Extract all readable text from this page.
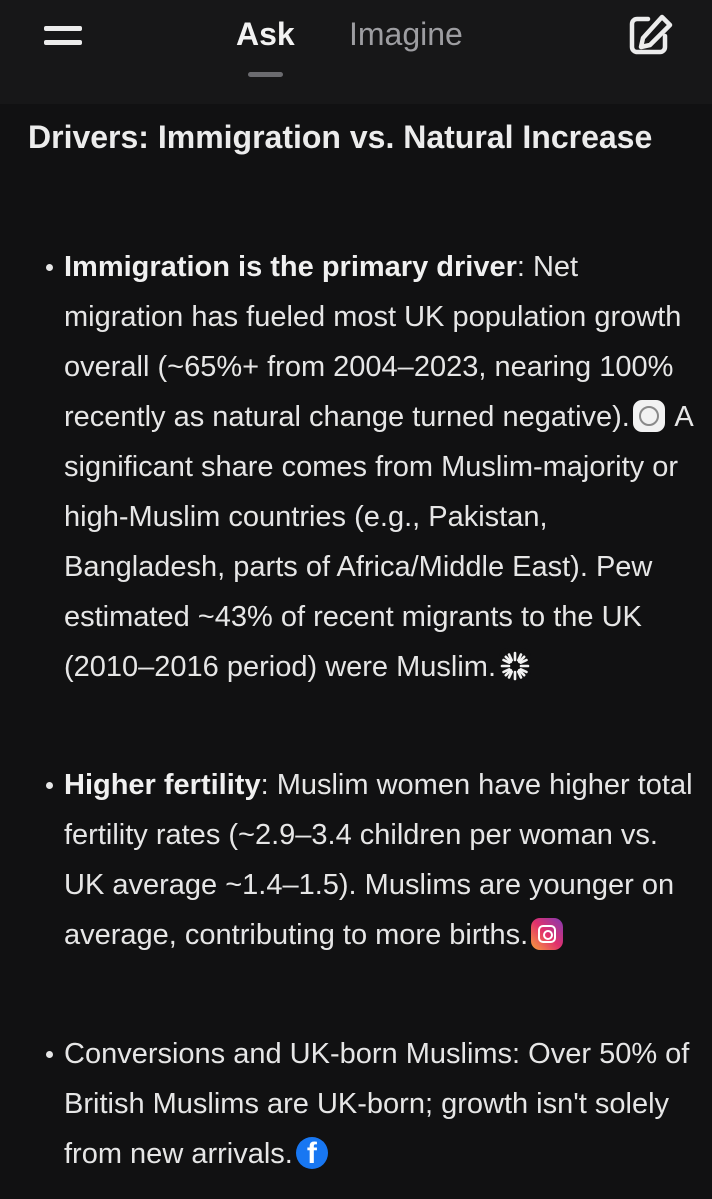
Ask Imagine
Drivers: Immigration vs. Natural Increase
Immigration is the primary driver: Net migration has fueled most UK population growth overall (~65%+ from 2004–2023, nearing 100% recently as natural change turned negative). A significant share comes from Muslim-majority or high-Muslim countries (e.g., Pakistan, Bangladesh, parts of Africa/Middle East). Pew estimated ~43% of recent migrants to the UK (2010–2016 period) were Muslim.
Higher fertility: Muslim women have higher total fertility rates (~2.9–3.4 children per woman vs. UK average ~1.4–1.5). Muslims are younger on average, contributing to more births.
Conversions and UK-born Muslims: Over 50% of British Muslims are UK-born; growth isn't solely from new arrivals. f
